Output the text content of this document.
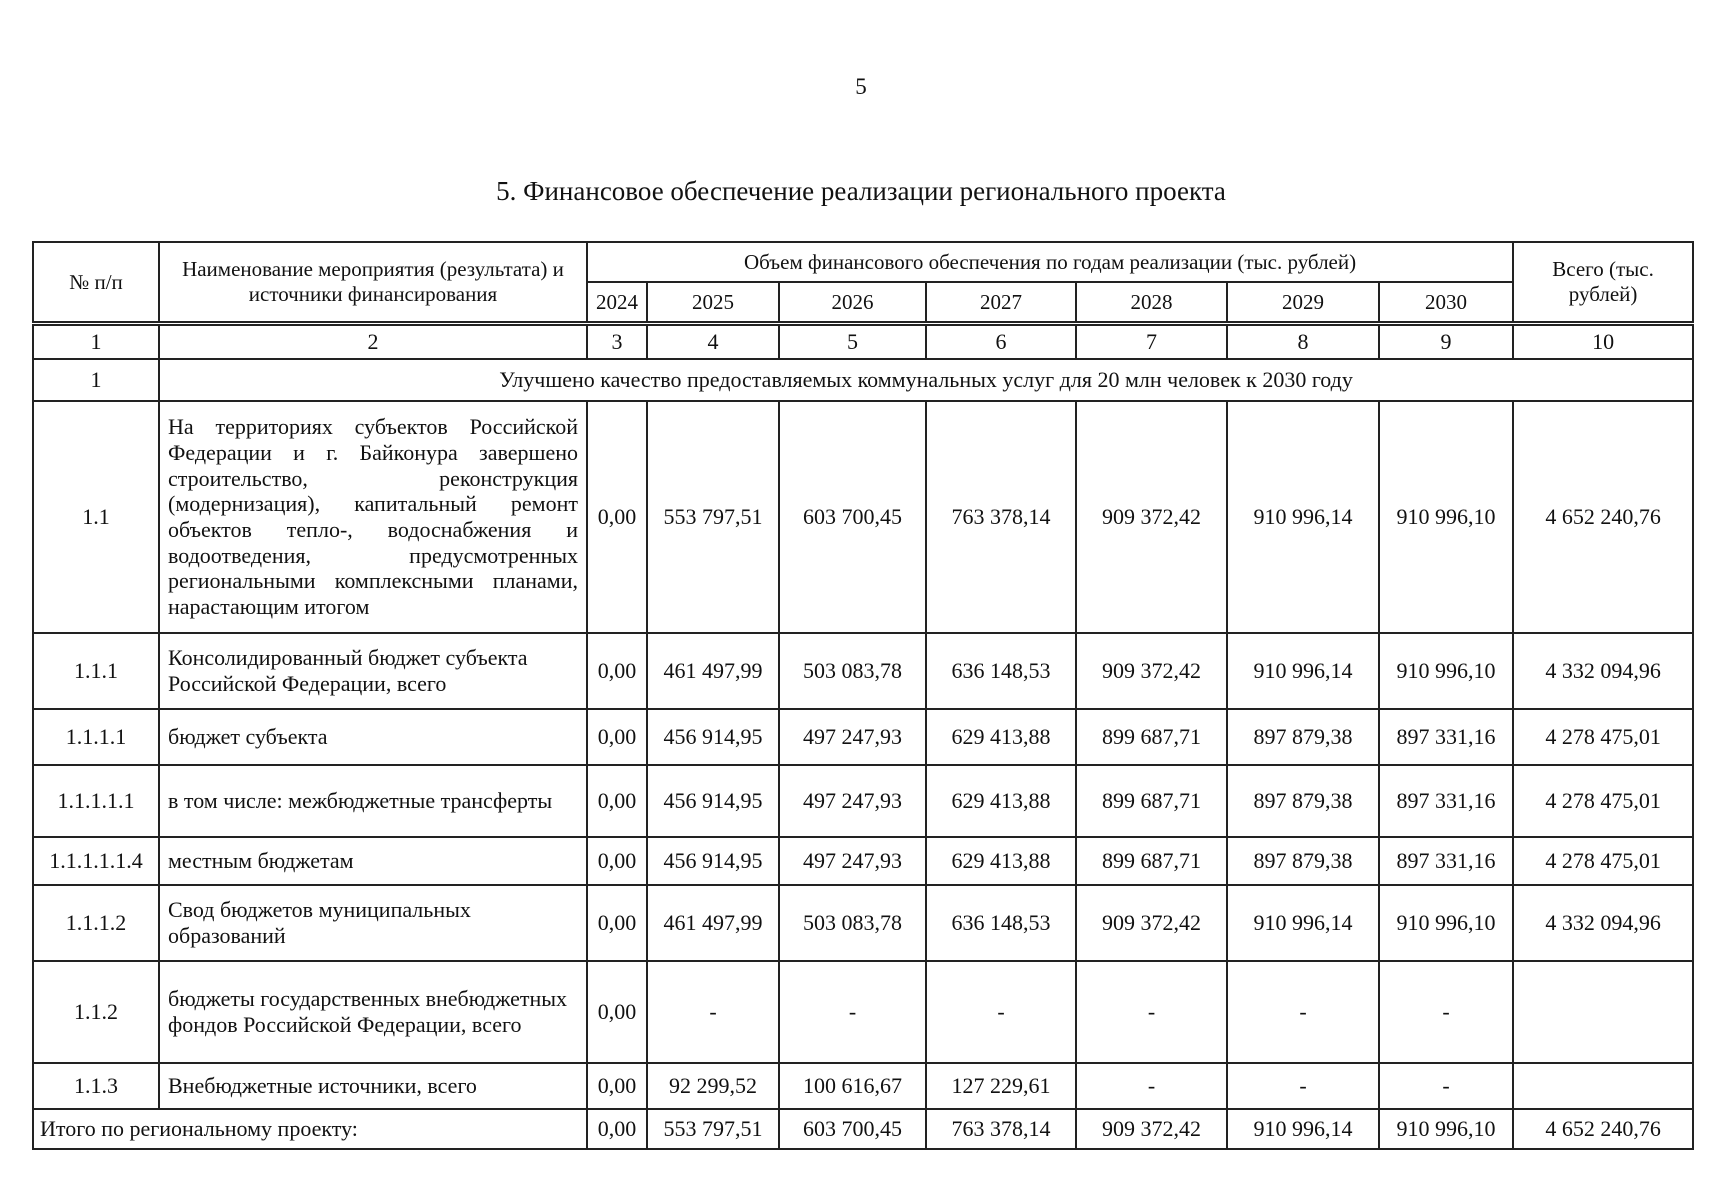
5
5. Финансовое обеспечение реализации регионального проекта
№ п/п	Наименование мероприятия (результата) и источники финансирования	Объем финансового обеспечения по годам реализации (тыс. рублей)							Всего (тыс. рублей)
		2024	2025	2026	2027	2028	2029	2030	
1	2	3	4	5	6	7	8	9	10
1	Улучшено качество предоставляемых коммунальных услуг для 20 млн человек к 2030 году								
1.1	На территориях субъектов Российской Федерации и г. Байконура завершено строительство, реконструкция (модернизация), капитальный ремонт объектов тепло-, водоснабжения и водоотведения, предусмотренных региональными комплексными планами, нарастающим итогом	0,00	553 797,51	603 700,45	763 378,14	909 372,42	910 996,14	910 996,10	4 652 240,76
1.1.1	Консолидированный бюджет субъекта Российской Федерации, всего	0,00	461 497,99	503 083,78	636 148,53	909 372,42	910 996,14	910 996,10	4 332 094,96
1.1.1.1	бюджет субъекта	0,00	456 914,95	497 247,93	629 413,88	899 687,71	897 879,38	897 331,16	4 278 475,01
1.1.1.1.1	в том числе: межбюджетные трансферты	0,00	456 914,95	497 247,93	629 413,88	899 687,71	897 879,38	897 331,16	4 278 475,01
1.1.1.1.1.4	местным бюджетам	0,00	456 914,95	497 247,93	629 413,88	899 687,71	897 879,38	897 331,16	4 278 475,01
1.1.1.2	Свод бюджетов муниципальных образований	0,00	461 497,99	503 083,78	636 148,53	909 372,42	910 996,14	910 996,10	4 332 094,96
1.1.2	бюджеты государственных внебюджетных фондов Российской Федерации, всего	0,00	-	-	-	-	-	-	
1.1.3	Внебюджетные источники, всего	0,00	92 299,52	100 616,67	127 229,61	-	-	-	
Итого по региональному проекту:		0,00	553 797,51	603 700,45	763 378,14	909 372,42	910 996,14	910 996,10	4 652 240,76
